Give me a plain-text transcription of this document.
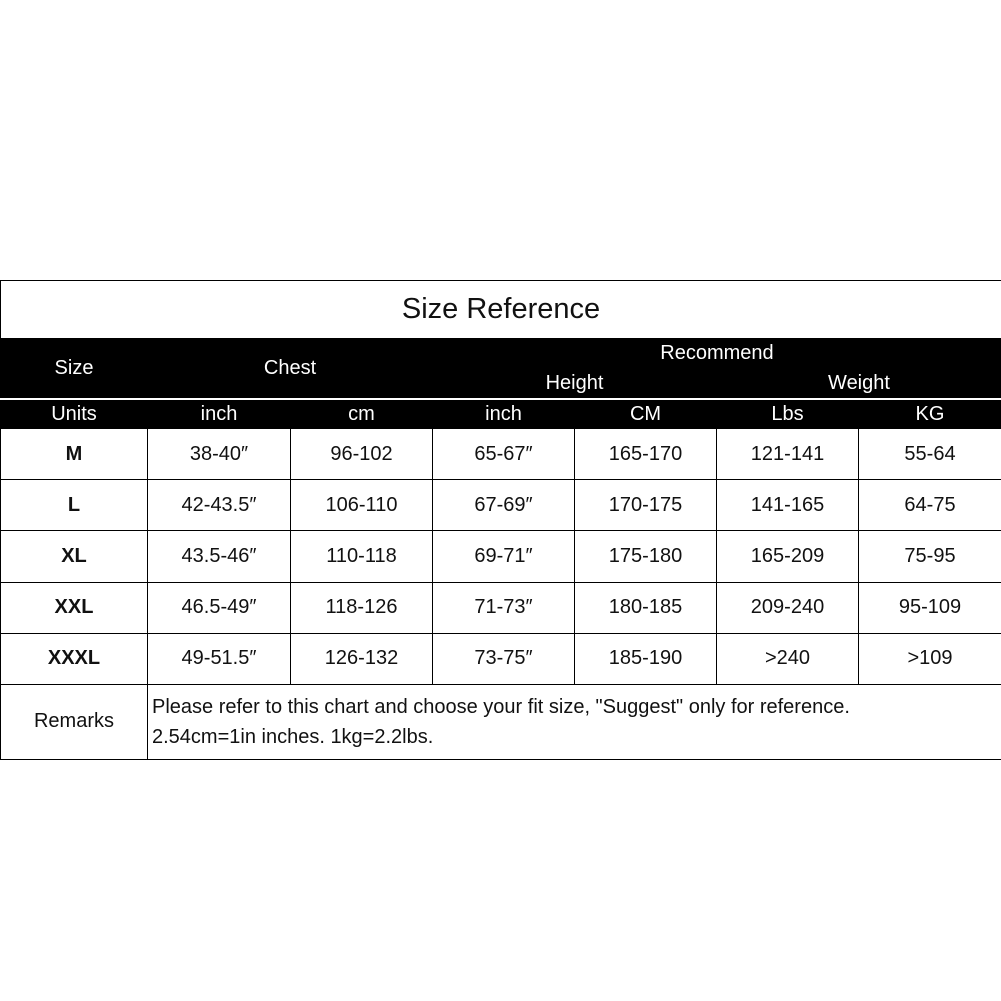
Size Reference						
Size	Chest		Recommend			
			Height		Weight	
Units	inch	cm	inch	CM	Lbs	KG
M	38-40″	96-102	65-67″	165-170	121-141	55-64
L	42-43.5″	106-110	67-69″	170-175	141-165	64-75
XL	43.5-46″	110-118	69-71″	175-180	165-209	75-95
XXL	46.5-49″	118-126	71-73″	180-185	209-240	95-109
XXXL	49-51.5″	126-132	73-75″	185-190	>240	>109
Remarks	Please refer to this chart and choose your fit size, "Suggest" only for reference.
2.54cm=1in inches. 1kg=2.2lbs.					
